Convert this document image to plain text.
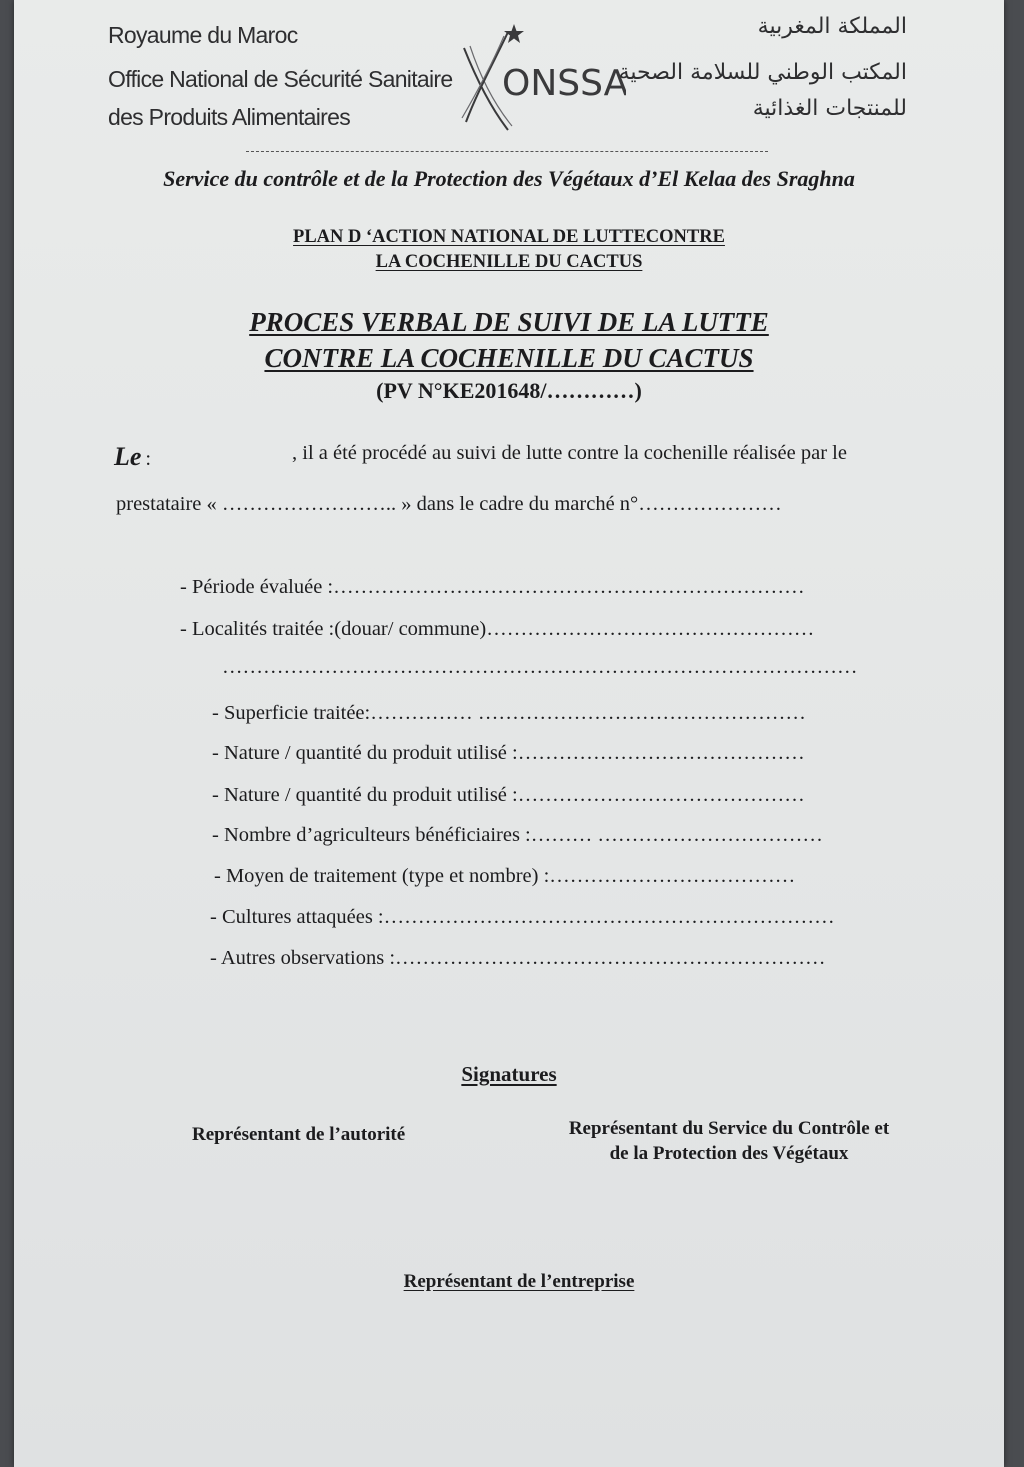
Royaume du Maroc

Office National de Sécurité Sanitaire

des Produits Alimentaires

ONSSA

المملكة المغربية

المكتب الوطني للسلامة الصحية

للمنتجات الغذائية

Service du contrôle et de la Protection des Végétaux d’El Kelaa des Sraghna

PLAN D ‘ACTION NATIONAL DE LUTTECONTRE

LA COCHENILLE DU CACTUS

PROCES VERBAL DE SUIVI DE LA LUTTE

CONTRE LA COCHENILLE DU CACTUS

(PV N°KE201648/…………)

Le :	, il a été procédé au suivi de lutte contre la cochenille réalisée par le

prestataire « …………………….. » dans le cadre du marché n°…………………

- Période évaluée :……………………………………………………………

- Localités traitée :(douar/ commune)…………………………………………

…………………………………………………………………………………

- Superficie traitée:…………… …………………………………………

- Nature / quantité du produit utilisé :……………………………………

- Nature / quantité du produit utilisé :……………………………………

- Nombre d’agriculteurs bénéficiaires :……… ……………………………

- Moyen de traitement (type et nombre) :………………………………

- Cultures attaquées :…………………………………………………………

- Autres observations :………………………………………………………

Signatures

Représentant de l’autorité	Représentant du Service du Contrôle et de la Protection des Végétaux

Représentant de l’entreprise
